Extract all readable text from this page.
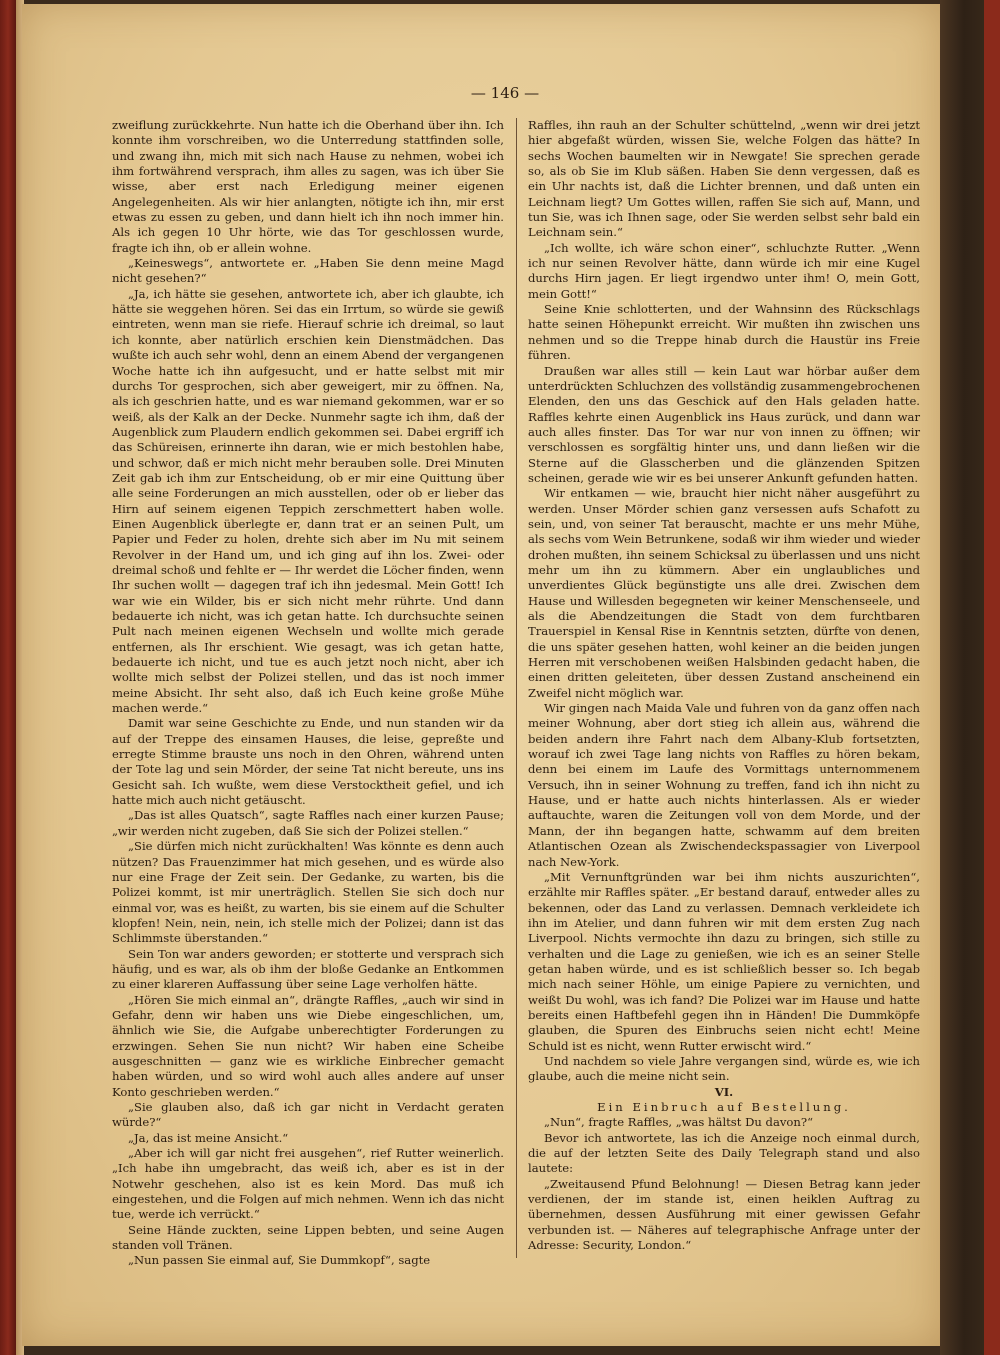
— 146 —

zweiflung zurückkehrte. Nun hatte ich die Oberhand über ihn. Ich konnte ihm vorschreiben, wo die Unterredung stattfinden solle, und zwang ihn, mich mit sich nach Hause zu nehmen, wobei ich ihm fortwährend versprach, ihm alles zu sagen, was ich über Sie wisse, aber erst nach Erledigung meiner eigenen Angelegenheiten. Als wir hier anlangten, nötigte ich ihn, mir erst etwas zu essen zu geben, und dann hielt ich ihn noch immer hin. Als ich gegen 10 Uhr hörte, wie das Tor geschlossen wurde, fragte ich ihn, ob er allein wohne.

„Keineswegs“, antwortete er. „Haben Sie denn meine Magd nicht gesehen?“

„Ja, ich hätte sie gesehen, antwortete ich, aber ich glaubte, ich hätte sie weggehen hören. Sei das ein Irrtum, so würde sie gewiß eintreten, wenn man sie riefe. Hierauf schrie ich dreimal, so laut ich konnte, aber natürlich erschien kein Dienstmädchen. Das wußte ich auch sehr wohl, denn an einem Abend der vergangenen Woche hatte ich ihn aufgesucht, und er hatte selbst mit mir durchs Tor gesprochen, sich aber geweigert, mir zu öffnen. Na, als ich geschrien hatte, und es war niemand gekommen, war er so weiß, als der Kalk an der Decke. Nunmehr sagte ich ihm, daß der Augenblick zum Plaudern endlich gekommen sei. Dabei ergriff ich das Schüreisen, erinnerte ihn daran, wie er mich bestohlen habe, und schwor, daß er mich nicht mehr berauben solle. Drei Minuten Zeit gab ich ihm zur Entscheidung, ob er mir eine Quittung über alle seine Forderungen an mich ausstellen, oder ob er lieber das Hirn auf seinem eigenen Teppich zerschmettert haben wolle. Einen Augenblick überlegte er, dann trat er an seinen Pult, um Papier und Feder zu holen, drehte sich aber im Nu mit seinem Revolver in der Hand um, und ich ging auf ihn los. Zwei- oder dreimal schoß und fehlte er — Ihr werdet die Löcher finden, wenn Ihr suchen wollt — dagegen traf ich ihn jedesmal. Mein Gott! Ich war wie ein Wilder, bis er sich nicht mehr rührte. Und dann bedauerte ich nicht, was ich getan hatte. Ich durchsuchte seinen Pult nach meinen eigenen Wechseln und wollte mich gerade entfernen, als Ihr erschient. Wie gesagt, was ich getan hatte, bedauerte ich nicht, und tue es auch jetzt noch nicht, aber ich wollte mich selbst der Polizei stellen, und das ist noch immer meine Absicht. Ihr seht also, daß ich Euch keine große Mühe machen werde.“

Damit war seine Geschichte zu Ende, und nun standen wir da auf der Treppe des einsamen Hauses, die leise, gepreßte und erregte Stimme brauste uns noch in den Ohren, während unten der Tote lag und sein Mörder, der seine Tat nicht bereute, uns ins Gesicht sah. Ich wußte, wem diese Verstocktheit gefiel, und ich hatte mich auch nicht getäuscht.

„Das ist alles Quatsch“, sagte Raffles nach einer kurzen Pause; „wir werden nicht zugeben, daß Sie sich der Polizei stellen.“

„Sie dürfen mich nicht zurückhalten! Was könnte es denn auch nützen? Das Frauenzimmer hat mich gesehen, und es würde also nur eine Frage der Zeit sein. Der Gedanke, zu warten, bis die Polizei kommt, ist mir unerträglich. Stellen Sie sich doch nur einmal vor, was es heißt, zu warten, bis sie einem auf die Schulter klopfen! Nein, nein, nein, ich stelle mich der Polizei; dann ist das Schlimmste überstanden.“

Sein Ton war anders geworden; er stotterte und versprach sich häufig, und es war, als ob ihm der bloße Gedanke an Entkommen zu einer klareren Auffassung über seine Lage verholfen hätte.

„Hören Sie mich einmal an“, drängte Raffles, „auch wir sind in Gefahr, denn wir haben uns wie Diebe eingeschlichen, um, ähnlich wie Sie, die Aufgabe unberechtigter Forderungen zu erzwingen. Sehen Sie nun nicht? Wir haben eine Scheibe ausgeschnitten — ganz wie es wirkliche Einbrecher gemacht haben würden, und so wird wohl auch alles andere auf unser Konto geschrieben werden.“

„Sie glauben also, daß ich gar nicht in Verdacht geraten würde?“

„Ja, das ist meine Ansicht.“

„Aber ich will gar nicht frei ausgehen“, rief Rutter weinerlich. „Ich habe ihn umgebracht, das weiß ich, aber es ist in der Notwehr geschehen, also ist es kein Mord. Das muß ich eingestehen, und die Folgen auf mich nehmen. Wenn ich das nicht tue, werde ich verrückt.“

Seine Hände zuckten, seine Lippen bebten, und seine Augen standen voll Tränen.

„Nun passen Sie einmal auf, Sie Dummkopf“, sagte

Raffles, ihn rauh an der Schulter schüttelnd, „wenn wir drei jetzt hier abgefaßt würden, wissen Sie, welche Folgen das hätte? In sechs Wochen baumelten wir in Newgate! Sie sprechen gerade so, als ob Sie im Klub säßen. Haben Sie denn vergessen, daß es ein Uhr nachts ist, daß die Lichter brennen, und daß unten ein Leichnam liegt? Um Gottes willen, raffen Sie sich auf, Mann, und tun Sie, was ich Ihnen sage, oder Sie werden selbst sehr bald ein Leichnam sein.“

„Ich wollte, ich wäre schon einer“, schluchzte Rutter. „Wenn ich nur seinen Revolver hätte, dann würde ich mir eine Kugel durchs Hirn jagen. Er liegt irgendwo unter ihm! O, mein Gott, mein Gott!“

Seine Knie schlotterten, und der Wahnsinn des Rückschlags hatte seinen Höhepunkt erreicht. Wir mußten ihn zwischen uns nehmen und so die Treppe hinab durch die Haustür ins Freie führen.

Draußen war alles still — kein Laut war hörbar außer dem unterdrückten Schluchzen des vollständig zusammengebrochenen Elenden, den uns das Geschick auf den Hals geladen hatte. Raffles kehrte einen Augenblick ins Haus zurück, und dann war auch alles finster. Das Tor war nur von innen zu öffnen; wir verschlossen es sorgfältig hinter uns, und dann ließen wir die Sterne auf die Glasscherben und die glänzenden Spitzen scheinen, gerade wie wir es bei unserer Ankunft gefunden hatten.

Wir entkamen — wie, braucht hier nicht näher ausgeführt zu werden. Unser Mörder schien ganz versessen aufs Schafott zu sein, und, von seiner Tat berauscht, machte er uns mehr Mühe, als sechs vom Wein Betrunkene, sodaß wir ihm wieder und wieder drohen mußten, ihn seinem Schicksal zu überlassen und uns nicht mehr um ihn zu kümmern. Aber ein unglaubliches und unverdientes Glück begünstigte uns alle drei. Zwischen dem Hause und Willesden begegneten wir keiner Menschenseele, und als die Abendzeitungen die Stadt von dem furchtbaren Trauerspiel in Kensal Rise in Kenntnis setzten, dürfte von denen, die uns später gesehen hatten, wohl keiner an die beiden jungen Herren mit verschobenen weißen Halsbinden gedacht haben, die einen dritten geleiteten, über dessen Zustand anscheinend ein Zweifel nicht möglich war.

Wir gingen nach Maida Vale und fuhren von da ganz offen nach meiner Wohnung, aber dort stieg ich allein aus, während die beiden andern ihre Fahrt nach dem Albany-Klub fortsetzten, worauf ich zwei Tage lang nichts von Raffles zu hören bekam, denn bei einem im Laufe des Vormittags unternommenem Versuch, ihn in seiner Wohnung zu treffen, fand ich ihn nicht zu Hause, und er hatte auch nichts hinterlassen. Als er wieder auftauchte, waren die Zeitungen voll von dem Morde, und der Mann, der ihn begangen hatte, schwamm auf dem breiten Atlantischen Ozean als Zwischendeckspassagier von Liverpool nach New-York.

„Mit Vernunftgründen war bei ihm nichts auszurichten“, erzählte mir Raffles später. „Er bestand darauf, entweder alles zu bekennen, oder das Land zu verlassen. Demnach verkleidete ich ihn im Atelier, und dann fuhren wir mit dem ersten Zug nach Liverpool. Nichts vermochte ihn dazu zu bringen, sich stille zu verhalten und die Lage zu genießen, wie ich es an seiner Stelle getan haben würde, und es ist schließlich besser so. Ich begab mich nach seiner Höhle, um einige Papiere zu vernichten, und weißt Du wohl, was ich fand? Die Polizei war im Hause und hatte bereits einen Haftbefehl gegen ihn in Händen! Die Dummköpfe glauben, die Spuren des Einbruchs seien nicht echt! Meine Schuld ist es nicht, wenn Rutter erwischt wird.“

Und nachdem so viele Jahre vergangen sind, würde es, wie ich glaube, auch die meine nicht sein.

VI.

Ein Einbruch auf Bestellung.

„Nun“, fragte Raffles, „was hältst Du davon?“

Bevor ich antwortete, las ich die Anzeige noch einmal durch, die auf der letzten Seite des Daily Telegraph stand und also lautete:

„Zweitausend Pfund Belohnung! — Diesen Betrag kann jeder verdienen, der im stande ist, einen heiklen Auftrag zu übernehmen, dessen Ausführung mit einer gewissen Gefahr verbunden ist. — Näheres auf telegraphische Anfrage unter der Adresse: Security, London.“
